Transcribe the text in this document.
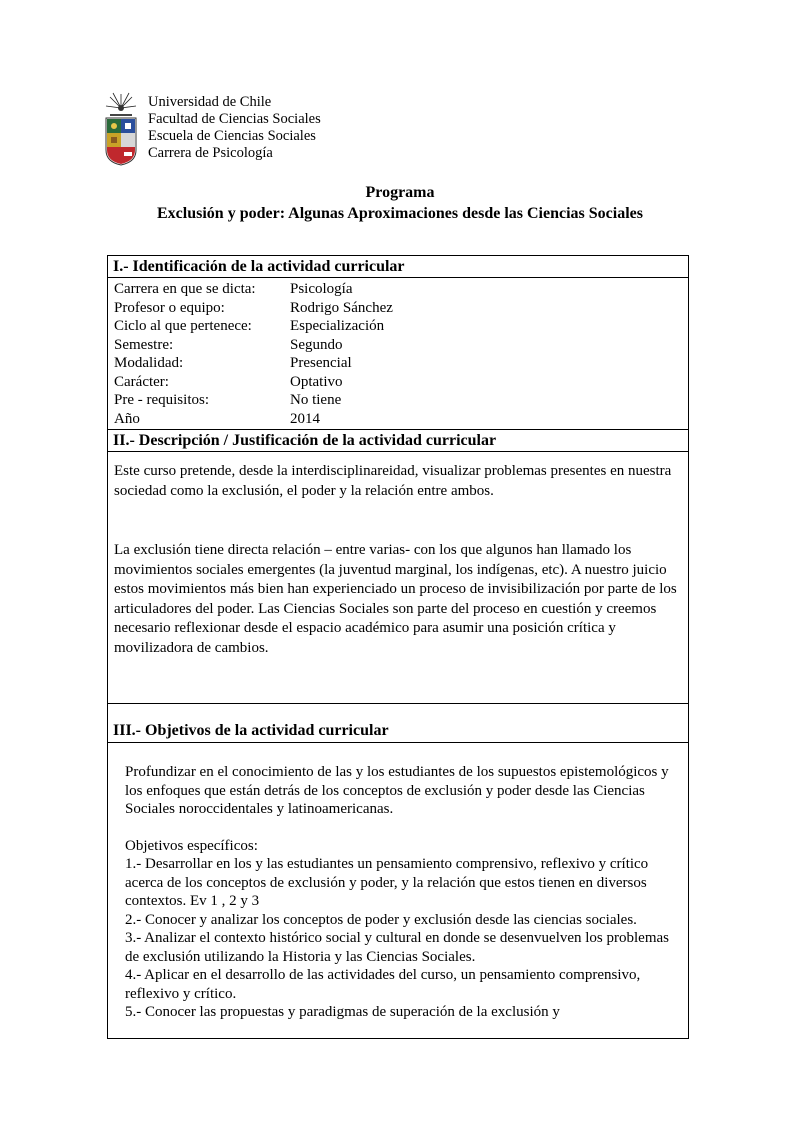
Universidad de Chile
Facultad de Ciencias Sociales
Escuela de Ciencias Sociales
Carrera de Psicología
Programa
Exclusión y poder: Algunas Aproximaciones desde las Ciencias Sociales
I.- Identificación de la actividad curricular
Carrera en que se dicta:	Psicología
Profesor o equipo:	Rodrigo Sánchez
Ciclo al que pertenece:	Especialización
Semestre:	Segundo
Modalidad:	Presencial
Carácter:	Optativo
Pre - requisitos:	No tiene
Año	2014
II.- Descripción / Justificación de la actividad curricular

Este curso pretende, desde la interdisciplinareidad, visualizar problemas presentes en nuestra sociedad como la exclusión, el poder y la relación entre ambos.

La exclusión tiene directa relación – entre varias- con los que algunos han llamado los movimientos sociales emergentes (la juventud marginal, los indígenas, etc). A nuestro juicio estos movimientos más bien han experienciado un proceso de invisibilización por parte de los articuladores del poder. Las Ciencias Sociales son parte del proceso en cuestión y creemos necesario reflexionar desde el espacio académico para asumir una posición crítica y movilizadora de cambios.

III.- Objetivos de la actividad curricular

Profundizar en el conocimiento de las y los estudiantes de los supuestos epistemológicos y los enfoques que están detrás de los conceptos de exclusión y poder desde las Ciencias Sociales noroccidentales y latinoamericanas.

Objetivos específicos:

1.- Desarrollar en los y las estudiantes un pensamiento comprensivo, reflexivo y crítico acerca de los conceptos de exclusión y poder, y la relación que estos tienen en diversos contextos. Ev 1 , 2 y 3

2.- Conocer y analizar los conceptos de poder y exclusión desde las ciencias sociales.

3.- Analizar el contexto histórico social y cultural en donde se desenvuelven los problemas de exclusión utilizando la Historia y las Ciencias Sociales.

4.- Aplicar en el desarrollo de las actividades del curso, un pensamiento comprensivo, reflexivo y crítico.

5.- Conocer las propuestas y paradigmas de superación de la exclusión y
